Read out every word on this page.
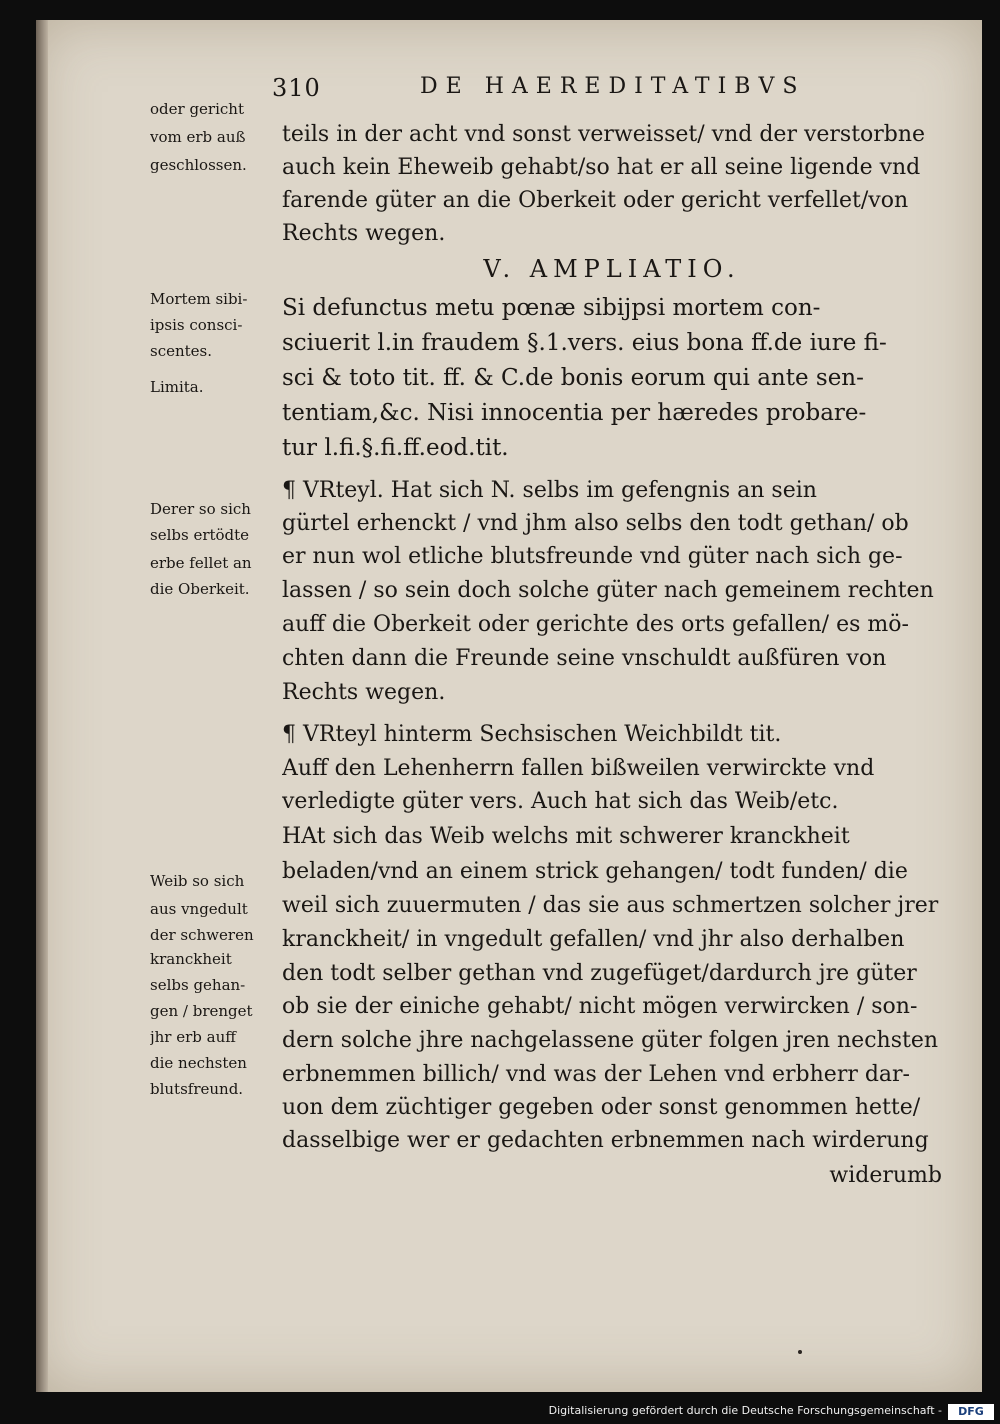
310	DE HAEREDITATIBVS
teils in der acht vnd sonst verweisset/ vnd der verstorbne
auch kein Eheweib gehabt/so hat er all seine ligende vnd
farende güter an die Oberkeit oder gericht verfellet/von
Rechts wegen.
V. AMPLIATIO.
Si defunctus metu pœnæ sibijpsi mortem con-
sciuerit l.in fraudem §.1.vers. eius bona ff.de iure fi-
sci & toto tit. ff. & C.de bonis eorum qui ante sen-
tentiam,&c. Nisi innocentia per hæredes probare-
tur l.fi.§.fi.ff.eod.tit.
¶ VRteyl. Hat sich N. selbs im gefengnis an sein
gürtel erhenckt / vnd jhm also selbs den todt gethan/ ob
er nun wol etliche blutsfreunde vnd güter nach sich ge-
lassen / so sein doch solche güter nach gemeinem rechten
auff die Oberkeit oder gerichte des orts gefallen/ es mö-
chten dann die Freunde seine vnschuldt außfüren von
Rechts wegen.
¶ VRteyl hinterm Sechsischen Weichbildt tit.
Auff den Lehenherrn fallen bißweilen verwirckte vnd
verledigte güter vers. Auch hat sich das Weib/etc.
HAt sich das Weib welchs mit schwerer kranckheit
beladen/vnd an einem strick gehangen/ todt funden/ die
weil sich zuuermuten / das sie aus schmertzen solcher jrer
kranckheit/ in vngedult gefallen/ vnd jhr also derhalben
den todt selber gethan vnd zugefüget/dardurch jre güter
ob sie der einiche gehabt/ nicht mögen verwircken / son-
dern solche jhre nachgelassene güter folgen jren nechsten
erbnemmen billich/ vnd was der Lehen vnd erbherr dar-
uon dem züchtiger gegeben oder sonst genommen hette/
dasselbige wer er gedachten erbnemmen nach wirderung
widerumb
oder gericht
vom erb auß
geschlossen.
Mortem sibi-
ipsis consci-
scentes.
Limita.
Derer so sich
selbs ertödte
erbe fellet an
die Oberkeit.
Weib so sich
aus vngedult
der schweren
kranckheit
selbs gehan-
gen / brenget
jhr erb auff
die nechsten
blutsfreund.
Digitalisierung gefördert durch die Deutsche Forschungsgemeinschaft -	DFG
